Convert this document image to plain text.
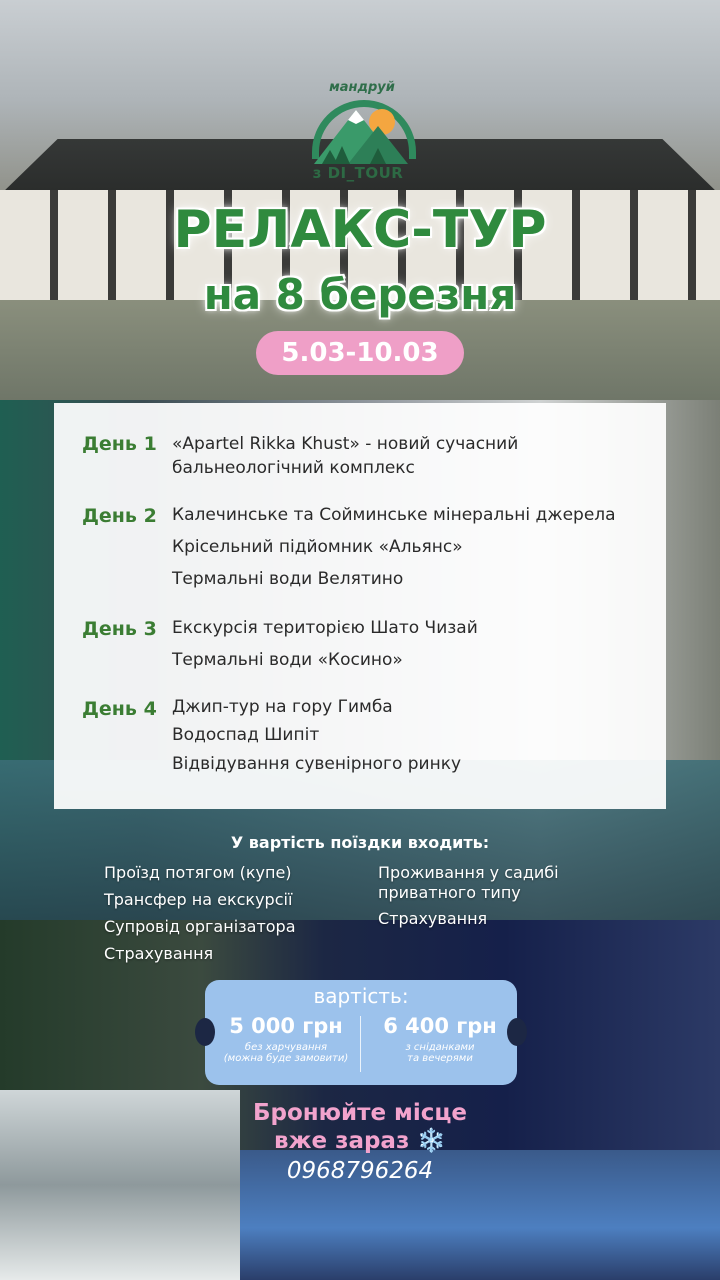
мандруй
з DI_TOUR
РЕЛАКС-ТУР
на 8 березня
5.03-10.03
День 1 «Apartel Rikka Khust» - новий сучасний
бальнеологічний комплекс
День 2 Калечинське та Сойминське мінеральні джерела
Крісельний підйомник «Альянс»
Термальні води Велятино
День 3 Екскурсія територією Шато Чизай
Термальні води «Косино»
День 4 Джип-тур на гору Гимба
Водоспад Шипіт
Відвідування сувенірного ринку
У вартість поїздки входить:
Проїзд потягом (купе)
Трансфер на екскурсії
Супровід організатора
Страхування
Проживання у садибі
приватного типу
Страхування
вартість:
5 000 грн
без харчування
(можна буде замовити)
6 400 грн
з сніданками
та вечерями
Бронюйте місце
вже зараз ❄️
0968796264
